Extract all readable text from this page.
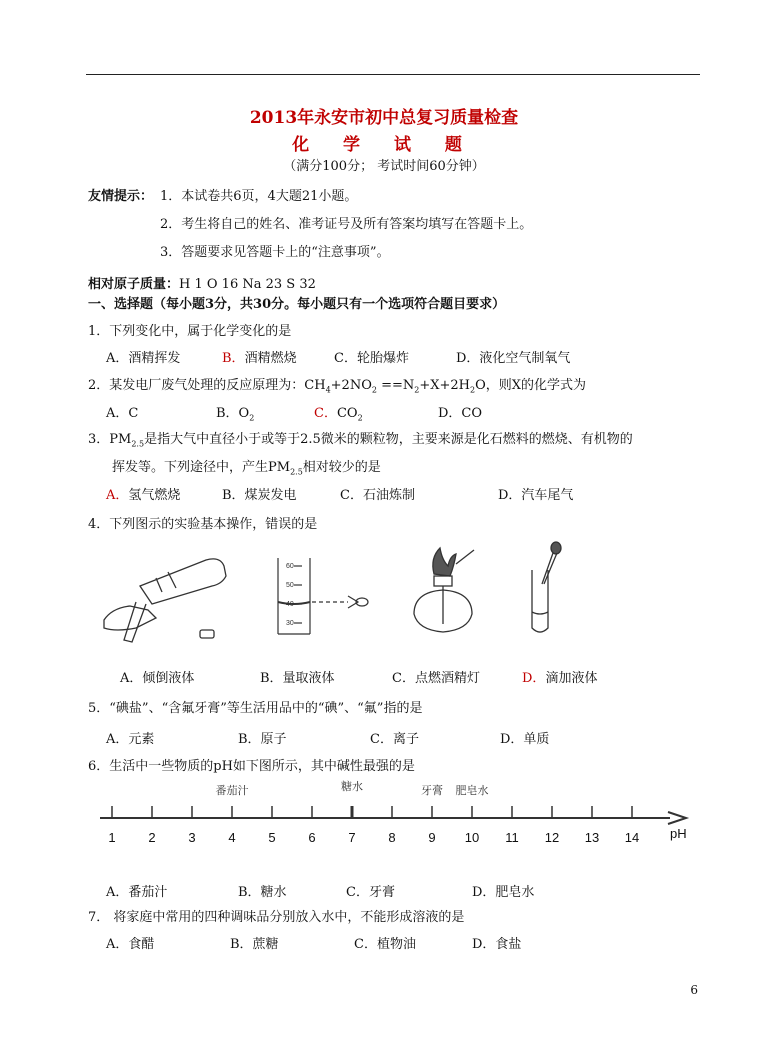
2013年永安市初中总复习质量检查
化 学 试 题
（满分100分； 考试时间60分钟）
友情提示： 1．本试卷共6页，4大题21小题。
2．考生将自己的姓名、准考证号及所有答案均填写在答题卡上。
3．答题要求见答题卡上的“注意事项”。
相对原子质量：H 1 O 16 Na 23 S 32
一、选择题（每小题3分，共30分。每小题只有一个选项符合题目要求）
1．下列变化中，属于化学变化的是
A．酒精挥发	B．酒精燃烧	C．轮胎爆炸	D．液化空气制氧气
2．某发电厂废气处理的反应原理为：$CH_4+2NO_2 ==N_2+X+2H_2O$，则X的化学式为
A．C	B．$O_2$	C．$CO_2$	D．CO
3．$PM_{2.5}$是指大气中直径小于或等于2.5微米的颗粒物，主要来源是化石燃料的燃烧、有机物的
挥发等。下列途径中，产生$PM_{2.5}$相对较少的是
A．氢气燃烧	B．煤炭发电	C．石油炼制	D．汽车尾气
4．下列图示的实验基本操作，错误的是
A．倾倒液体
60
50
40
30
B．量取液体	C．点燃酒精灯	D．滴加液体
5．“碘盐”、“含氟牙膏”等生活用品中的“碘”、“氟”指的是
A．元素	B．原子	C．离子	D．单质
6．生活中一些物质的pH如下图所示，其中碱性最强的是
1	2	3	4	5	6	7	8	9 10 11 12 13 14
番茄汁	糖水	牙膏 肥皂水
pH
A．番茄汁	B．糖水	C．牙膏	D．肥皂水
7． 将家庭中常用的四种调味品分别放入水中，不能形成溶液的是
A．食醋	B．蔗糖	C．植物油	D．食盐
6
